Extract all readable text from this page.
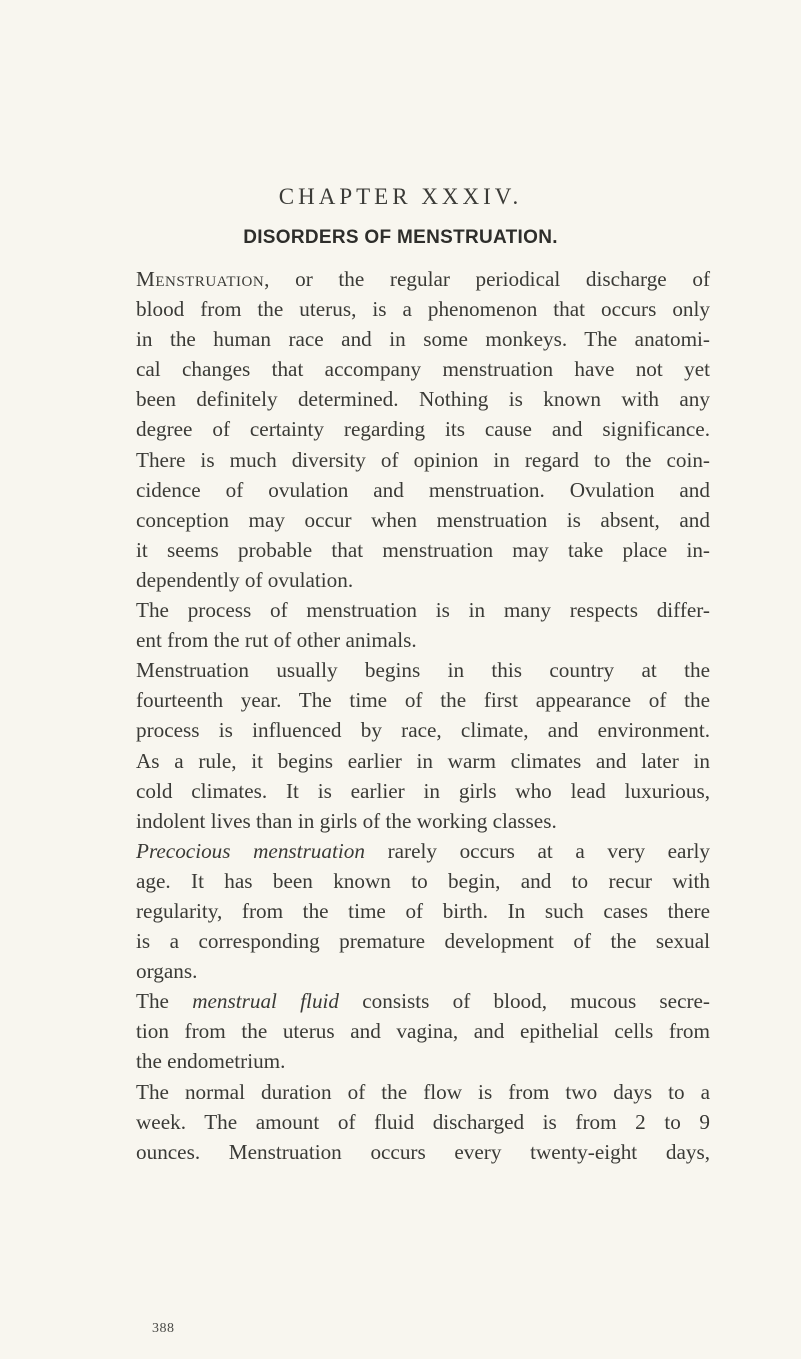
CHAPTER XXXIV.
DISORDERS OF MENSTRUATION.
Menstruation, or the regular periodical discharge of
blood from the uterus, is a phenomenon that occurs only
in the human race and in some monkeys. The anatomi-
cal changes that accompany menstruation have not yet
been definitely determined. Nothing is known with any
degree of certainty regarding its cause and significance.
There is much diversity of opinion in regard to the coin-
cidence of ovulation and menstruation. Ovulation and
conception may occur when menstruation is absent, and
it seems probable that menstruation may take place in-
dependently of ovulation.
The process of menstruation is in many respects differ-
ent from the rut of other animals.
Menstruation usually begins in this country at the
fourteenth year. The time of the first appearance of the
process is influenced by race, climate, and environment.
As a rule, it begins earlier in warm climates and later in
cold climates. It is earlier in girls who lead luxurious,
indolent lives than in girls of the working classes.
Precocious menstruation rarely occurs at a very early
age. It has been known to begin, and to recur with
regularity, from the time of birth. In such cases there
is a corresponding premature development of the sexual
organs.
The menstrual fluid consists of blood, mucous secre-
tion from the uterus and vagina, and epithelial cells from
the endometrium.
The normal duration of the flow is from two days to a
week. The amount of fluid discharged is from 2 to 9
ounces. Menstruation occurs every twenty-eight days,
388
